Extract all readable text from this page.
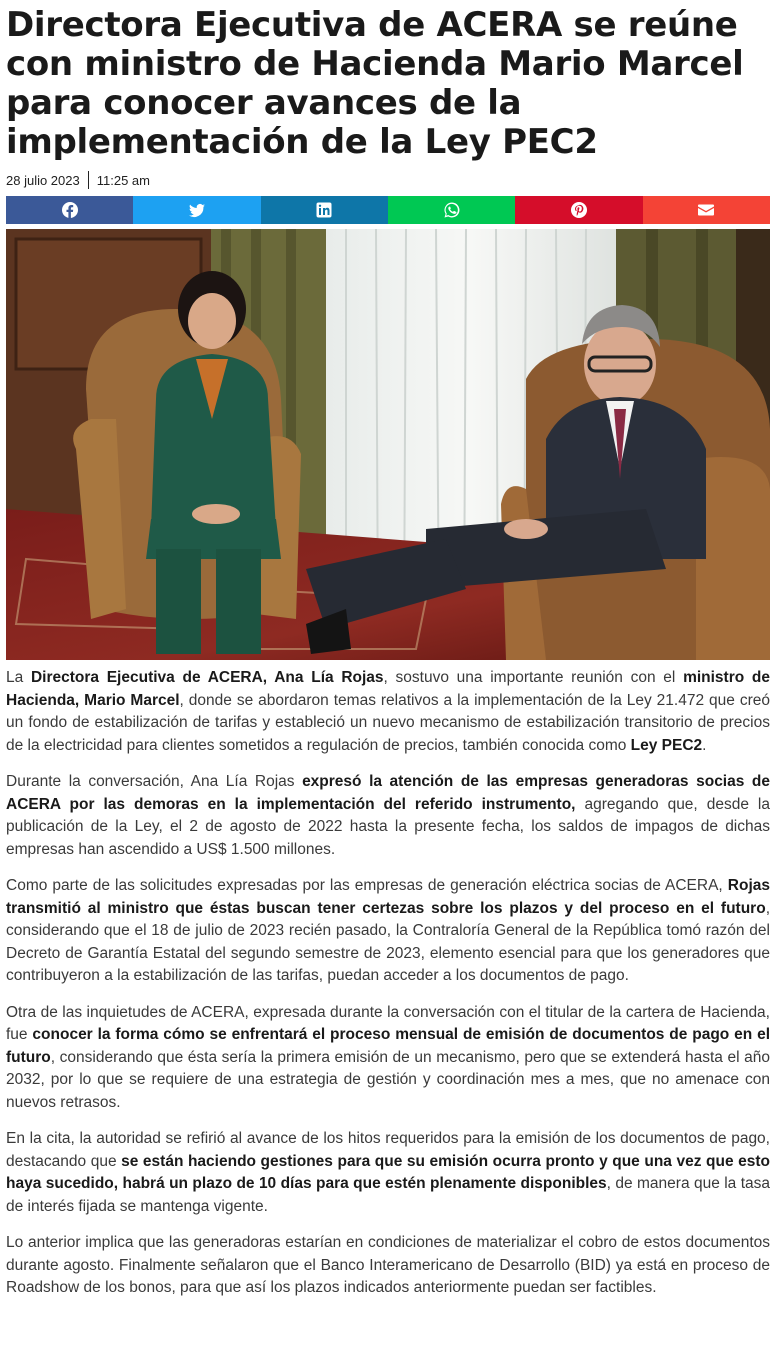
Directora Ejecutiva de ACERA se reúne con ministro de Hacienda Mario Marcel para conocer avances de la implementación de la Ley PEC2
28 julio 2023 11:25 am

La Directora Ejecutiva de ACERA, Ana Lía Rojas, sostuvo una importante reunión con el ministro de Hacienda, Mario Marcel, donde se abordaron temas relativos a la implementación de la Ley 21.472 que creó un fondo de estabilización de tarifas y estableció un nuevo mecanismo de estabilización transitorio de precios de la electricidad para clientes sometidos a regulación de precios, también conocida como Ley PEC2.

Durante la conversación, Ana Lía Rojas expresó la atención de las empresas generadoras socias de ACERA por las demoras en la implementación del referido instrumento, agregando que, desde la publicación de la Ley, el 2 de agosto de 2022 hasta la presente fecha, los saldos de impagos de dichas empresas han ascendido a US$ 1.500 millones.

Como parte de las solicitudes expresadas por las empresas de generación eléctrica socias de ACERA, Rojas transmitió al ministro que éstas buscan tener certezas sobre los plazos y del proceso en el futuro, considerando que el 18 de julio de 2023 recién pasado, la Contraloría General de la República tomó razón del Decreto de Garantía Estatal del segundo semestre de 2023, elemento esencial para que los generadores que contribuyeron a la estabilización de las tarifas, puedan acceder a los documentos de pago.

Otra de las inquietudes de ACERA, expresada durante la conversación con el titular de la cartera de Hacienda, fue conocer la forma cómo se enfrentará el proceso mensual de emisión de documentos de pago en el futuro, considerando que ésta sería la primera emisión de un mecanismo, pero que se extenderá hasta el año 2032, por lo que se requiere de una estrategia de gestión y coordinación mes a mes, que no amenace con nuevos retrasos.

En la cita, la autoridad se refirió al avance de los hitos requeridos para la emisión de los documentos de pago, destacando que se están haciendo gestiones para que su emisión ocurra pronto y que una vez que esto haya sucedido, habrá un plazo de 10 días para que estén plenamente disponibles, de manera que la tasa de interés fijada se mantenga vigente.

Lo anterior implica que las generadoras estarían en condiciones de materializar el cobro de estos documentos durante agosto. Finalmente señalaron que el Banco Interamericano de Desarrollo (BID) ya está en proceso de Roadshow de los bonos, para que así los plazos indicados anteriormente puedan ser factibles.
